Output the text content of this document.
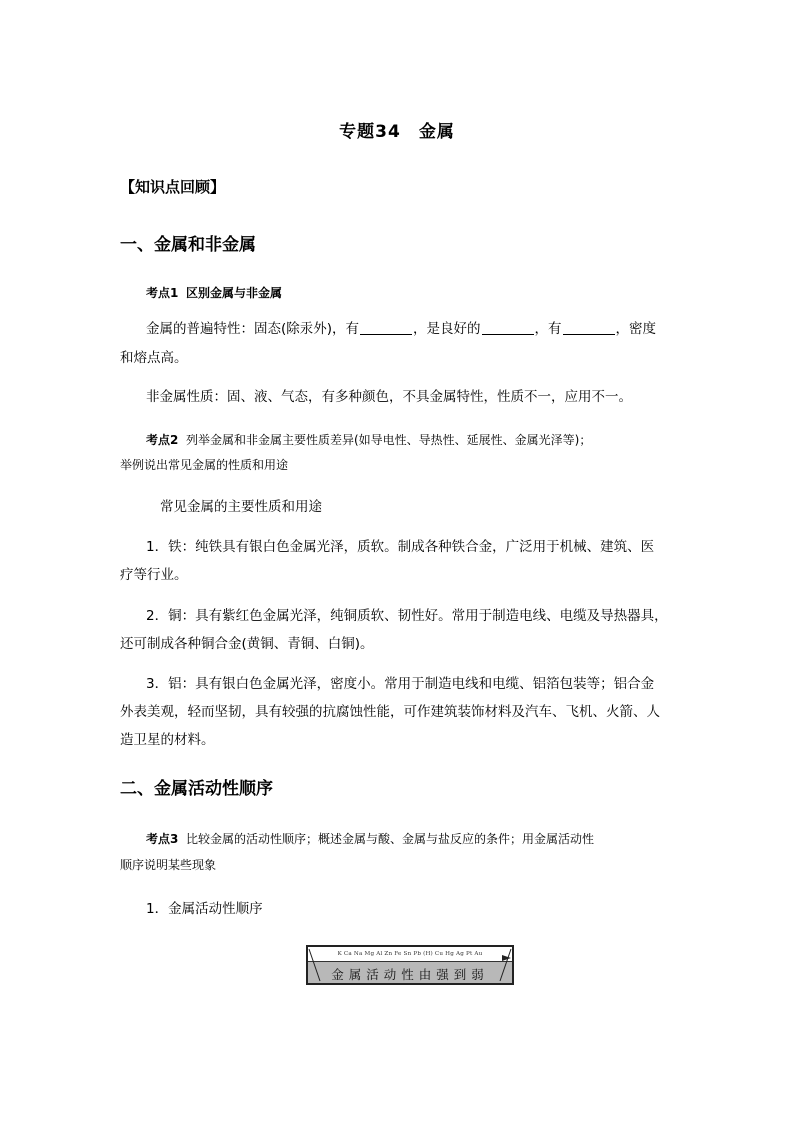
专题34　金属
【知识点回顾】
一、金属和非金属
考点1 区别金属与非金属
金属的普遍特性：固态(除汞外)，有	，是良好的	，有	，密度
和熔点高。
非金属性质：固、液、气态，有多种颜色，不具金属特性，性质不一，应用不一。
考点2 列举金属和非金属主要性质差异(如导电性、导热性、延展性、金属光泽等)；
举例说出常见金属的性质和用途
常见金属的主要性质和用途
1．铁：纯铁具有银白色金属光泽，质软。制成各种铁合金，广泛用于机械、建筑、医
疗等行业。
2．铜：具有紫红色金属光泽，纯铜质软、韧性好。常用于制造电线、电缆及导热器具，
还可制成各种铜合金(黄铜、青铜、白铜)。
3．铝：具有银白色金属光泽，密度小。常用于制造电线和电缆、铝箔包装等；铝合金
外表美观，轻而坚韧，具有较强的抗腐蚀性能，可作建筑装饰材料及汽车、飞机、火箭、人
造卫星的材料。
二、金属活动性顺序
考点3 比较金属的活动性顺序；概述金属与酸、金属与盐反应的条件；用金属活动性
顺序说明某些现象
1．金属活动性顺序
K Ca Na Mg Al Zn Fe Sn Pb (H) Cu Hg Ag Pt Au
金属活动性由强到弱
